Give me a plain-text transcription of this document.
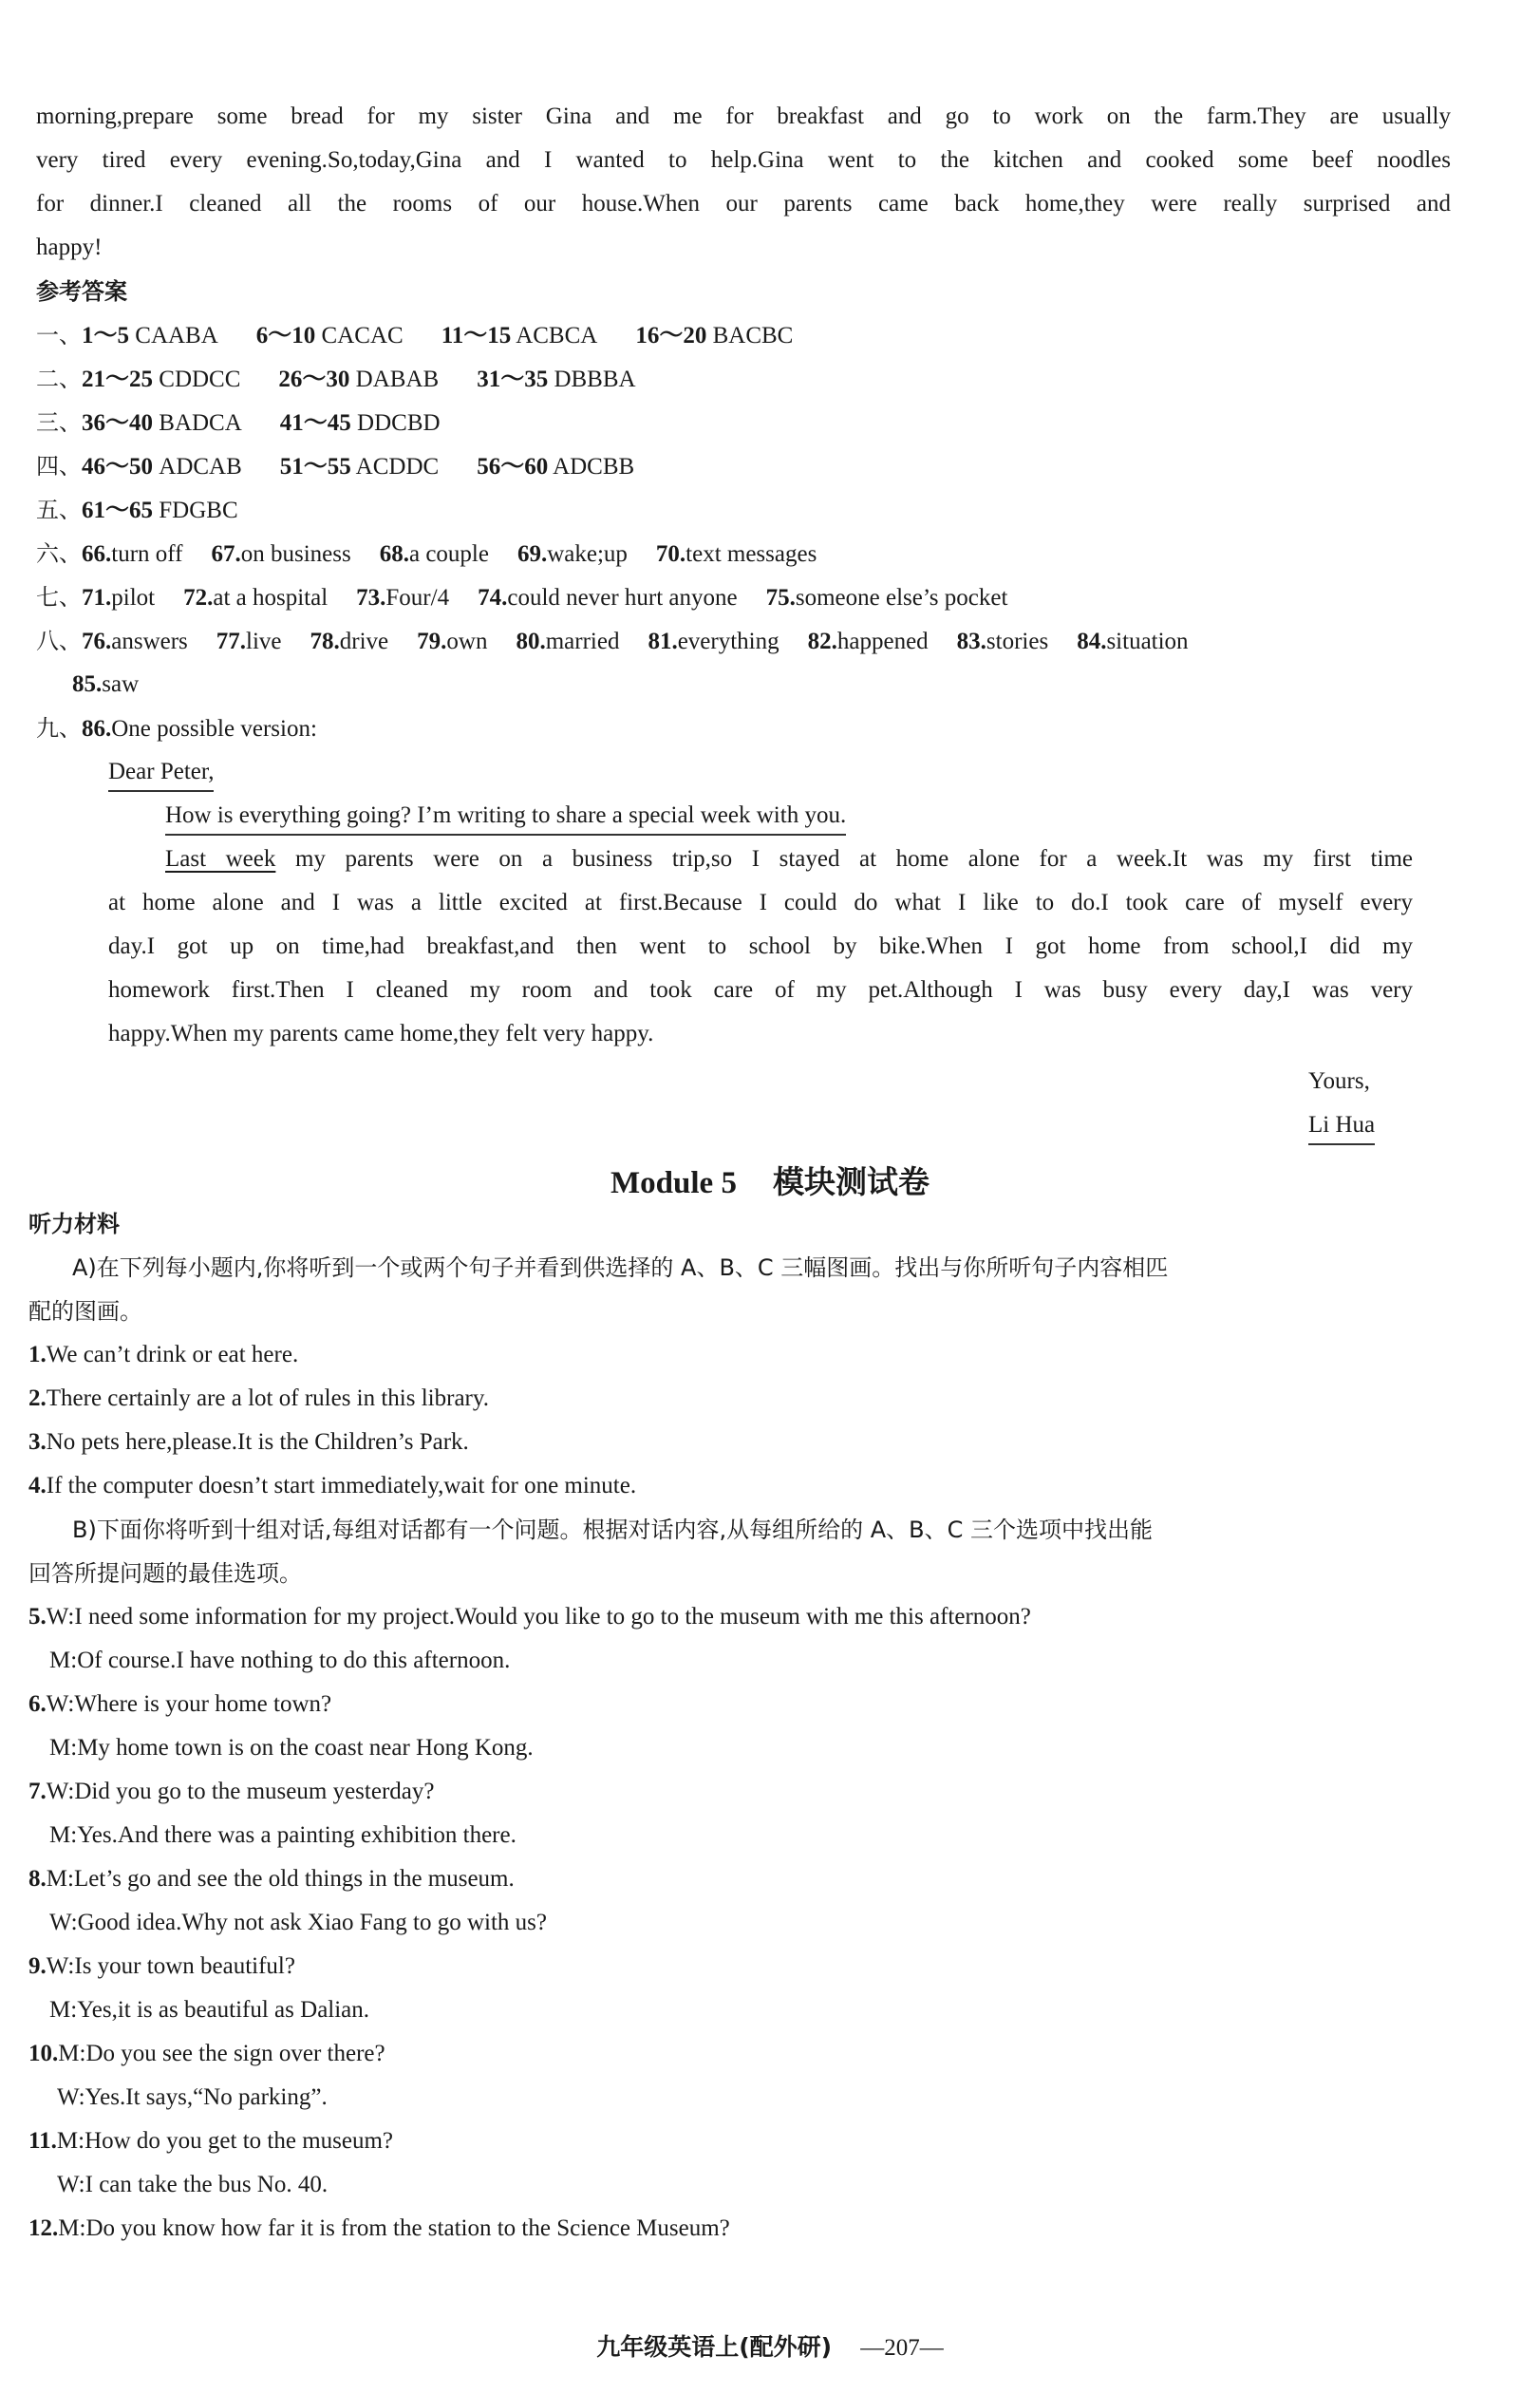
morning,prepare some bread for my sister Gina and me for breakfast and go to work on the farm.They are usually
very tired every evening.So,today,Gina and I wanted to help.Gina went to the kitchen and cooked some beef noodles
for dinner.I cleaned all the rooms of our house.When our parents came back home,they were really surprised and
happy!
参考答案
一、1～5 CAABA 6～10 CACAC 11～15 ACBCA 16～20 BACBC
二、21～25 CDDCC 26～30 DABAB 31～35 DBBBA
三、36～40 BADCA 41～45 DDCBD
四、46～50 ADCAB 51～55 ACDDC 56～60 ADCBB
五、61～65 FDGBC
六、66.turn off 67.on business 68.a couple 69.wake;up 70.text messages
七、71.pilot 72.at a hospital 73.Four/4 74.could never hurt anyone 75.someone else’s pocket
八、76.answers 77.live 78.drive 79.own 80.married 81.everything 82.happened 83.stories 84.situation
85.saw
九、86.One possible version:
Dear Peter,
How is everything going? I’m writing to share a special week with you.
Last week my parents were on a business trip,so I stayed at home alone for a week.It was my first time
at home alone and I was a little excited at first.Because I could do what I like to do.I took care of myself every
day.I got up on time,had breakfast,and then went to school by bike.When I got home from school,I did my
homework first.Then I cleaned my room and took care of my pet.Although I was busy every day,I was very
happy.When my parents came home,they felt very happy.
Yours,
Li Hua
Module 5 模块测试卷
听力材料
A)在下列每小题内,你将听到一个或两个句子并看到供选择的 A、B、C 三幅图画。找出与你所听句子内容相匹
配的图画。
1.We can’t drink or eat here.
2.There certainly are a lot of rules in this library.
3.No pets here,please.It is the Children’s Park.
4.If the computer doesn’t start immediately,wait for one minute.
B)下面你将听到十组对话,每组对话都有一个问题。根据对话内容,从每组所给的 A、B、C 三个选项中找出能
回答所提问题的最佳选项。
5.W:I need some information for my project.Would you like to go to the museum with me this afternoon?
M:Of course.I have nothing to do this afternoon.
6.W:Where is your home town?
M:My home town is on the coast near Hong Kong.
7.W:Did you go to the museum yesterday?
M:Yes.And there was a painting exhibition there.
8.M:Let’s go and see the old things in the museum.
W:Good idea.Why not ask Xiao Fang to go with us?
9.W:Is your town beautiful?
M:Yes,it is as beautiful as Dalian.
10.M:Do you see the sign over there?
W:Yes.It says,“No parking”.
11.M:How do you get to the museum?
W:I can take the bus No. 40.
12.M:Do you know how far it is from the station to the Science Museum?
九年级英语上(配外研) —207—
